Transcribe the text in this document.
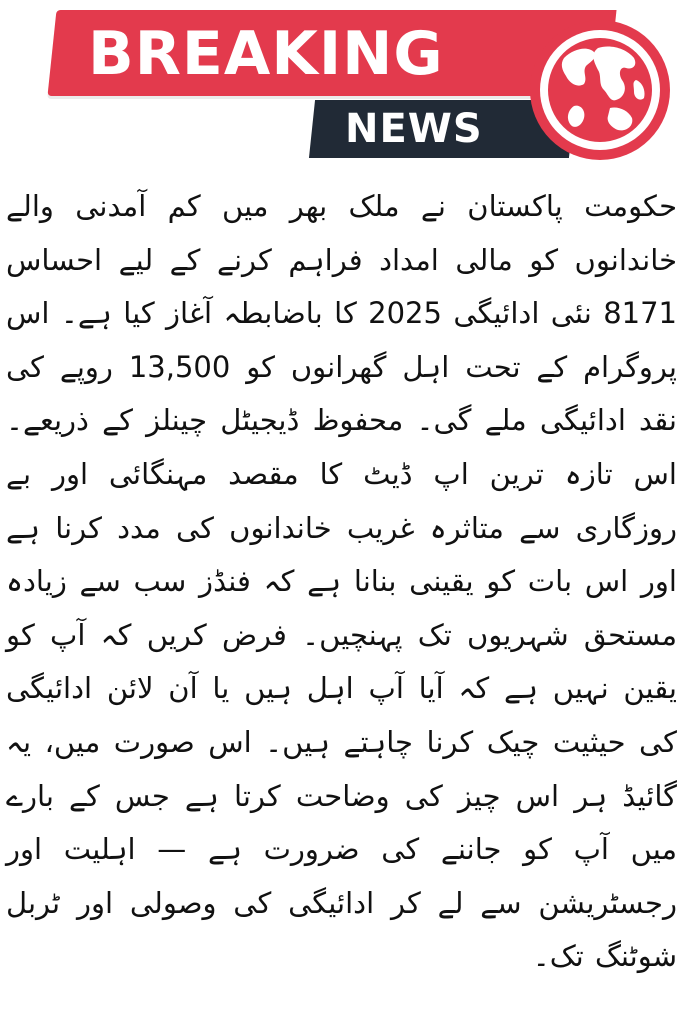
BREAKING
NEWS
حکومت پاکستان نے ملک بھر میں کم آمدنی والے خاندانوں کو مالی امداد فراہم کرنے کے لیے احساس 8171 نئی ادائیگی 2025 کا باضابطہ آغاز کیا ہے۔ اس پروگرام کے تحت اہل گھرانوں کو 13,500 روپے کی نقد ادائیگی ملے گی۔ محفوظ ڈیجیٹل چینلز کے ذریعے۔ اس تازہ ترین اپ ڈیٹ کا مقصد مہنگائی اور بے روزگاری سے متاثرہ غریب خاندانوں کی مدد کرنا ہے اور اس بات کو یقینی بنانا ہے کہ فنڈز سب سے زیادہ مستحق شہریوں تک پہنچیں۔ فرض کریں کہ آپ کو یقین نہیں ہے کہ آیا آپ اہل ہیں یا آن لائن ادائیگی کی حیثیت چیک کرنا چاہتے ہیں۔ اس صورت میں، یہ گائیڈ ہر اس چیز کی وضاحت کرتا ہے جس کے بارے میں آپ کو جاننے کی ضرورت ہے — اہلیت اور رجسٹریشن سے لے کر ادائیگی کی وصولی اور ٹربل شوٹنگ تک۔
